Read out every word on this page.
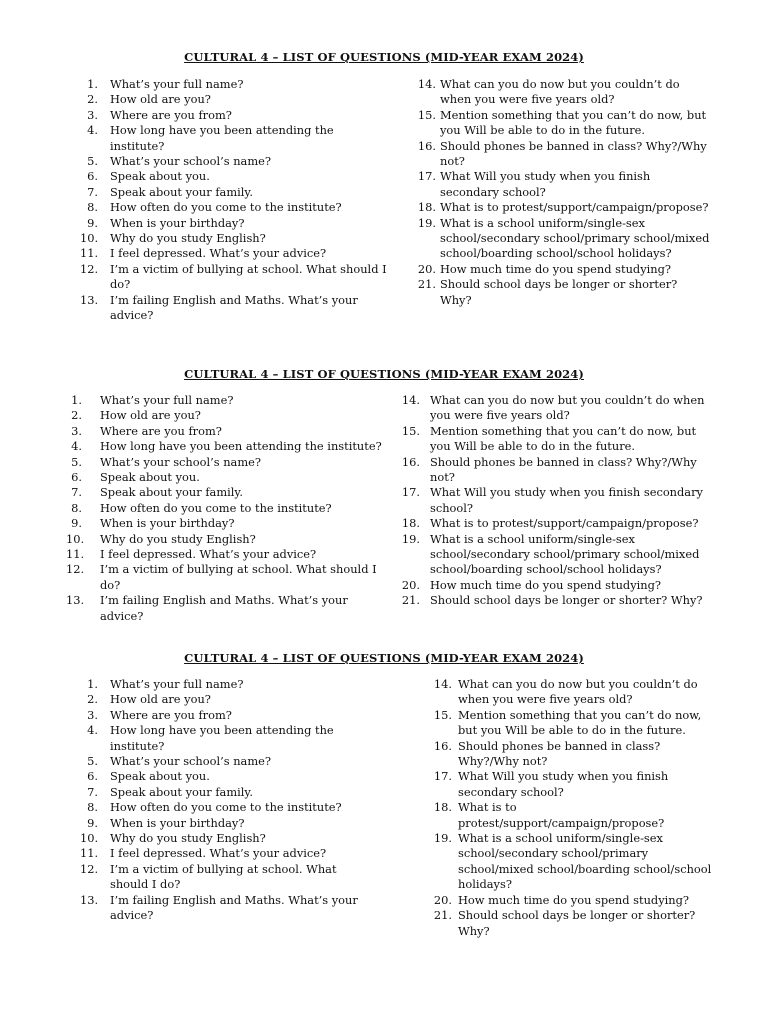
CULTURAL 4 – LIST OF QUESTIONS (MID-YEAR EXAM 2024)
1.	What’s your full name?
2.	How old are you?
3.	Where are you from?
4.	How long have you been attending the institute?
5.	What’s your school’s name?
6.	Speak about you.
7.	Speak about your family.
8.	How often do you come to the institute?
9.	When is your birthday?
10.	Why do you study English?
11.	I feel depressed. What’s your advice?
12.	I’m a victim of bullying at school. What should I do?
13.	I’m failing English and Maths. What’s your advice?
14. What can you do now but you couldn’t do when you were five years old?
15. Mention something that you can’t do now, but you Will be able to do in the future.
16. Should phones be banned in class? Why?/Why not?
17. What Will you study when you finish secondary school?
18. What is to protest/support/campaign/propose?
19. What is a school uniform/single-sex school/secondary school/primary school/mixed school/boarding school/school holidays?
20. How much time do you spend studying?
21. Should school days be longer or shorter? Why?
CULTURAL 4 – LIST OF QUESTIONS (MID-YEAR EXAM 2024)
1.	What’s your full name?
2.	How old are you?
3.	Where are you from?
4.	How long have you been attending the institute?
5.	What’s your school’s name?
6.	Speak about you.
7.	Speak about your family.
8.	How often do you come to the institute?
9.	When is your birthday?
10.	Why do you study English?
11.	I feel depressed. What’s your advice?
12.	I’m a victim of bullying at school. What should I do?
13.	I’m failing English and Maths. What’s your advice?
14. What can you do now but you couldn’t do when you were five years old?
15. Mention something that you can’t do now, but you Will be able to do in the future.
16. Should phones be banned in class? Why?/Why not?
17. What Will you study when you finish secondary school?
18. What is to protest/support/campaign/propose?
19. What is a school uniform/single-sex school/secondary school/primary school/mixed school/boarding school/school holidays?
20. How much time do you spend studying?
21. Should school days be longer or shorter? Why?
CULTURAL 4 – LIST OF QUESTIONS (MID-YEAR EXAM 2024)
1.	What’s your full name?
2.	How old are you?
3.	Where are you from?
4.	How long have you been attending the institute?
5.	What’s your school’s name?
6.	Speak about you.
7.	Speak about your family.
8.	How often do you come to the institute?
9.	When is your birthday?
10.	Why do you study English?
11.	I feel depressed. What’s your advice?
12.	I’m a victim of bullying at school. What should I do?
13.	I’m failing English and Maths. What’s your advice?
14. What can you do now but you couldn’t do when you were five years old?
15. Mention something that you can’t do now, but you Will be able to do in the future.
16. Should phones be banned in class? Why?/Why not?
17. What Will you study when you finish secondary school?
18. What is to protest/support/campaign/propose?
19. What is a school uniform/single-sex school/secondary school/primary school/mixed school/boarding school/school holidays?
20. How much time do you spend studying?
21. Should school days be longer or shorter? Why?
